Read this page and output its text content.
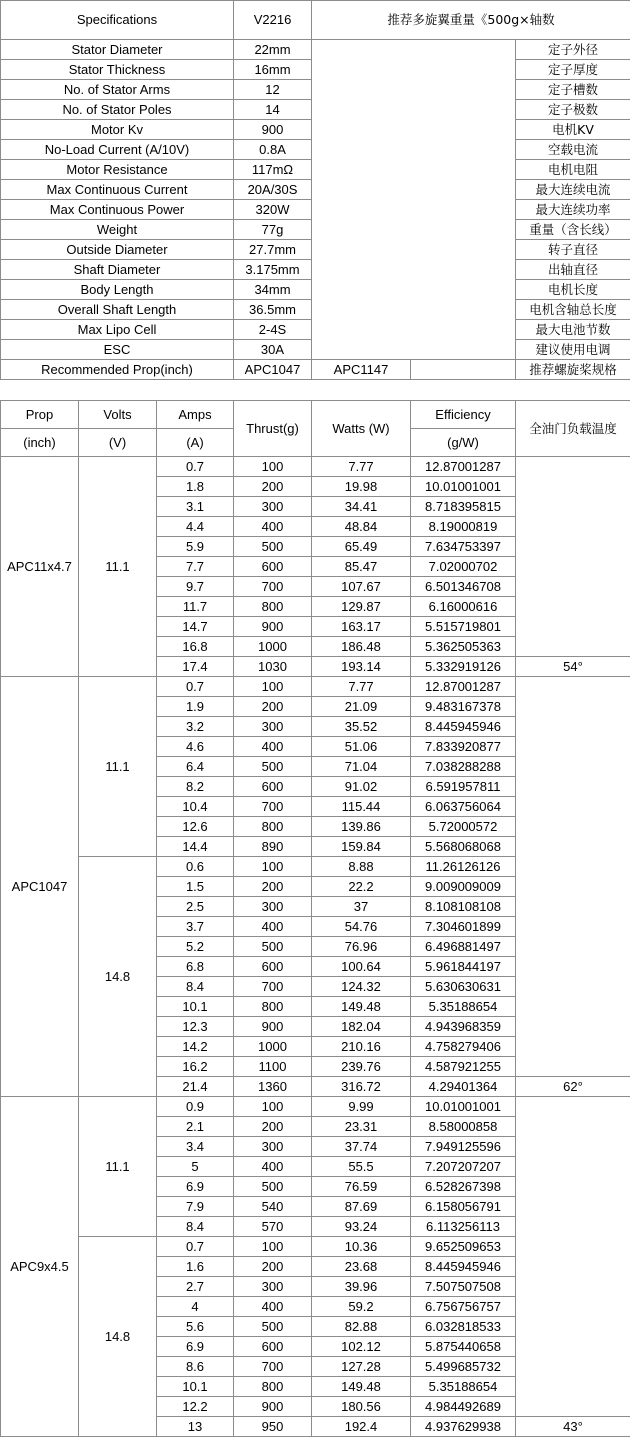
Specifications			V2216	推荐多旋翼重量《500g×轴数		
Stator Diameter			22mm			定子外径
Stator Thickness			16mm			定子厚度
No. of Stator Arms			12			定子槽数
No. of Stator Poles			14			定子极数
Motor Kv			900			电机KV
No-Load Current (A/10V)			0.8A			空载电流
Motor Resistance			117mΩ			电机电阻
Max Continuous Current			20A/30S			最大连续电流
Max Continuous Power			320W			最大连续功率
Weight			77g			重量（含长线）
Outside Diameter			27.7mm			转子直径
Shaft Diameter			3.175mm			出轴直径
Body Length			34mm			电机长度
Overall Shaft Length			36.5mm			电机含轴总长度
Max Lipo Cell			2-4S			最大电池节数
ESC			30A			建议使用电调
Recommended Prop(inch)			APC1047	APC1147		推荐螺旋桨规格

Prop	Volts	Amps	Thrust(g)	Watts (W)	Efficiency	全油门负载温度
(inch)	(V)	(A)			(g/W)	
APC11x4.7	11.1	0.7	100	7.77	12.87001287	
		1.8	200	19.98	10.01001001	
		3.1	300	34.41	8.718395815	
		4.4	400	48.84	8.19000819	
		5.9	500	65.49	7.634753397	
		7.7	600	85.47	7.02000702	
		9.7	700	107.67	6.501346708	
		11.7	800	129.87	6.16000616	
		14.7	900	163.17	5.515719801	
		16.8	1000	186.48	5.362505363	
		17.4	1030	193.14	5.332919126	54°
APC1047	11.1	0.7	100	7.77	12.87001287	
		1.9	200	21.09	9.483167378	
		3.2	300	35.52	8.445945946	
		4.6	400	51.06	7.833920877	
		6.4	500	71.04	7.038288288	
		8.2	600	91.02	6.591957811	
		10.4	700	115.44	6.063756064	
		12.6	800	139.86	5.72000572	
		14.4	890	159.84	5.568068068	
	14.8	0.6	100	8.88	11.26126126	
		1.5	200	22.2	9.009009009	
		2.5	300	37	8.108108108	
		3.7	400	54.76	7.304601899	
		5.2	500	76.96	6.496881497	
		6.8	600	100.64	5.961844197	
		8.4	700	124.32	5.630630631	
		10.1	800	149.48	5.35188654	
		12.3	900	182.04	4.943968359	
		14.2	1000	210.16	4.758279406	
		16.2	1100	239.76	4.587921255	
		21.4	1360	316.72	4.29401364	62°
APC9x4.5	11.1	0.9	100	9.99	10.01001001	
		2.1	200	23.31	8.58000858	
		3.4	300	37.74	7.949125596	
		5	400	55.5	7.207207207	
		6.9	500	76.59	6.528267398	
		7.9	540	87.69	6.158056791	
		8.4	570	93.24	6.113256113	
	14.8	0.7	100	10.36	9.652509653	
		1.6	200	23.68	8.445945946	
		2.7	300	39.96	7.507507508	
		4	400	59.2	6.756756757	
		5.6	500	82.88	6.032818533	
		6.9	600	102.12	5.875440658	
		8.6	700	127.28	5.499685732	
		10.1	800	149.48	5.35188654	
		12.2	900	180.56	4.984492689	
		13	950	192.4	4.937629938	43°
